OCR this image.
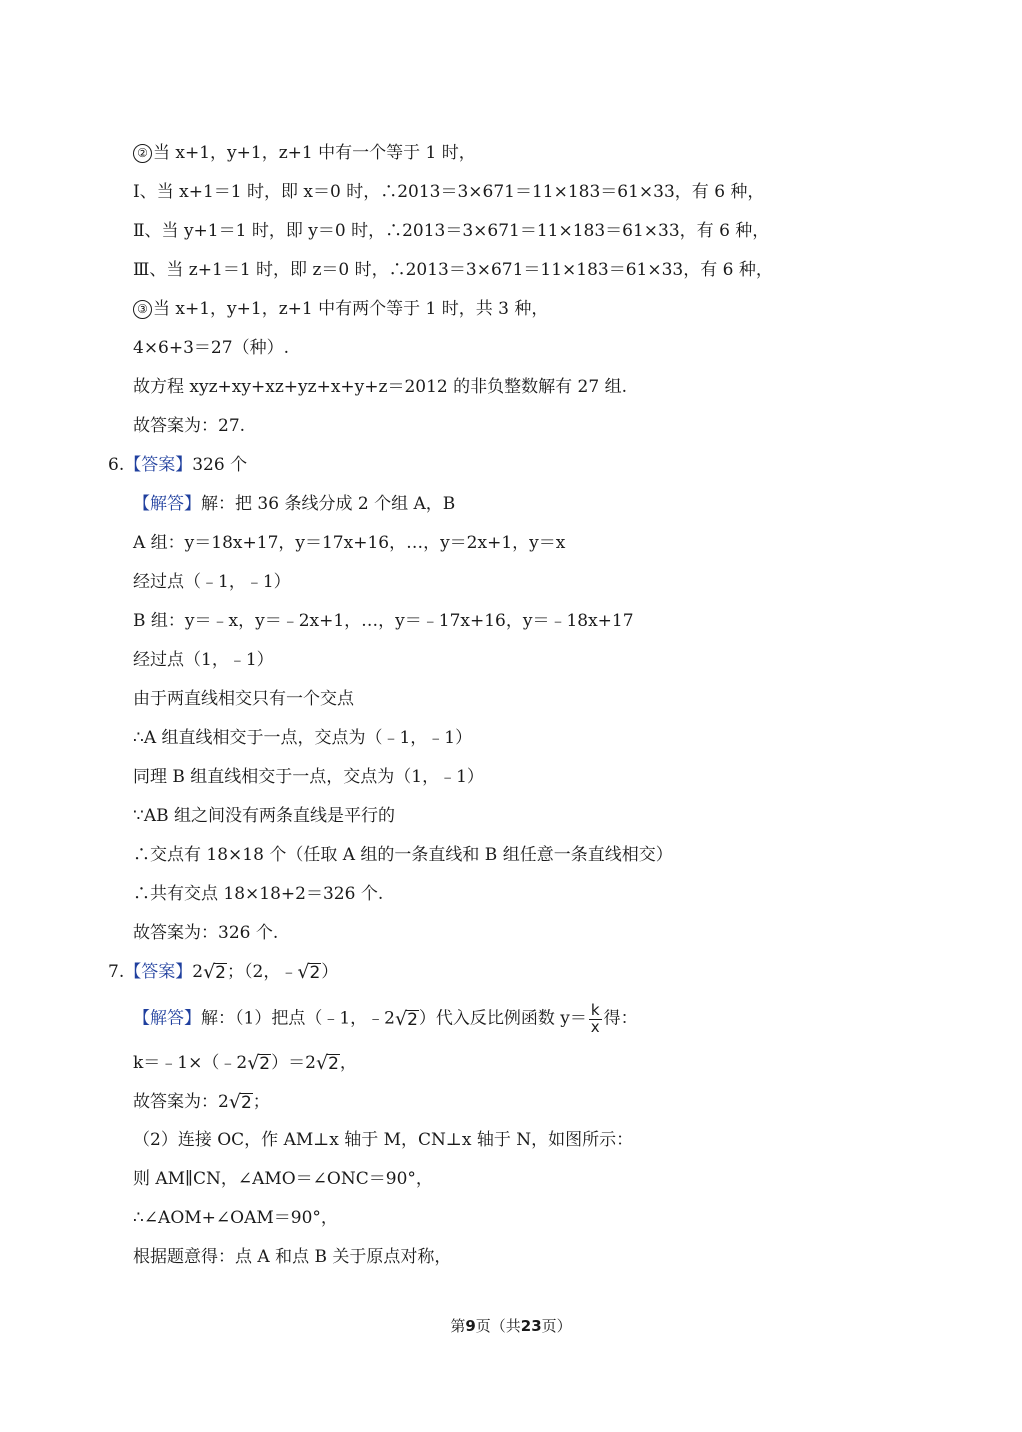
② 当 x+1，y+1，z+1 中有一个等于 1 时，
Ⅰ、当 x+1＝1 时，即 x＝0 时，∴2013＝3×671＝11×183＝61×33，有 6 种，
Ⅱ、当 y+1＝1 时，即 y＝0 时，∴2013＝3×671＝11×183＝61×33，有 6 种，
Ⅲ、当 z+1＝1 时，即 z＝0 时，∴2013＝3×671＝11×183＝61×33，有 6 种，
③ 当 x+1，y+1，z+1 中有两个等于 1 时，共 3 种，
4×6+3＝27（种）.
故方程 xyz+xy+xz+yz+x+y+z＝2012 的非负整数解有 27 组.
故答案为：27.
6.【答案】326 个
【解答】解：把 36 条线分成 2 个组 A，B
A 组：y＝18x+17，y＝17x+16，…，y＝2x+1，y＝x
经过点（﹣1，﹣1）
B 组：y＝﹣x，y＝﹣2x+1，…，y＝﹣17x+16，y＝﹣18x+17
经过点（1，﹣1）
由于两直线相交只有一个交点
∴A 组直线相交于一点，交点为（﹣1，﹣1）
同理 B 组直线相交于一点，交点为（1，﹣1）
∵AB 组之间没有两条直线是平行的
∴交点有 18×18 个（任取 A 组的一条直线和 B 组任意一条直线相交）
∴共有交点 18×18+2＝326 个.
故答案为：326 个.
7.【答案】2√2；（2，﹣√2）
【解答】解：（1）把点（﹣1，﹣2√2）代入反比例函数 $y= \frac{k}{x}$ 得：
k＝﹣1×（﹣2√2）＝2√2，
故答案为：2√2；
（2）连接 OC，作 AM⊥x 轴于 M，CN⊥x 轴于 N，如图所示：
则 AM∥CN，∠AMO＝∠ONC＝90°，
∴∠AOM+∠OAM＝90°，
根据题意得：点 A 和点 B 关于原点对称，
第9页（共23页）
